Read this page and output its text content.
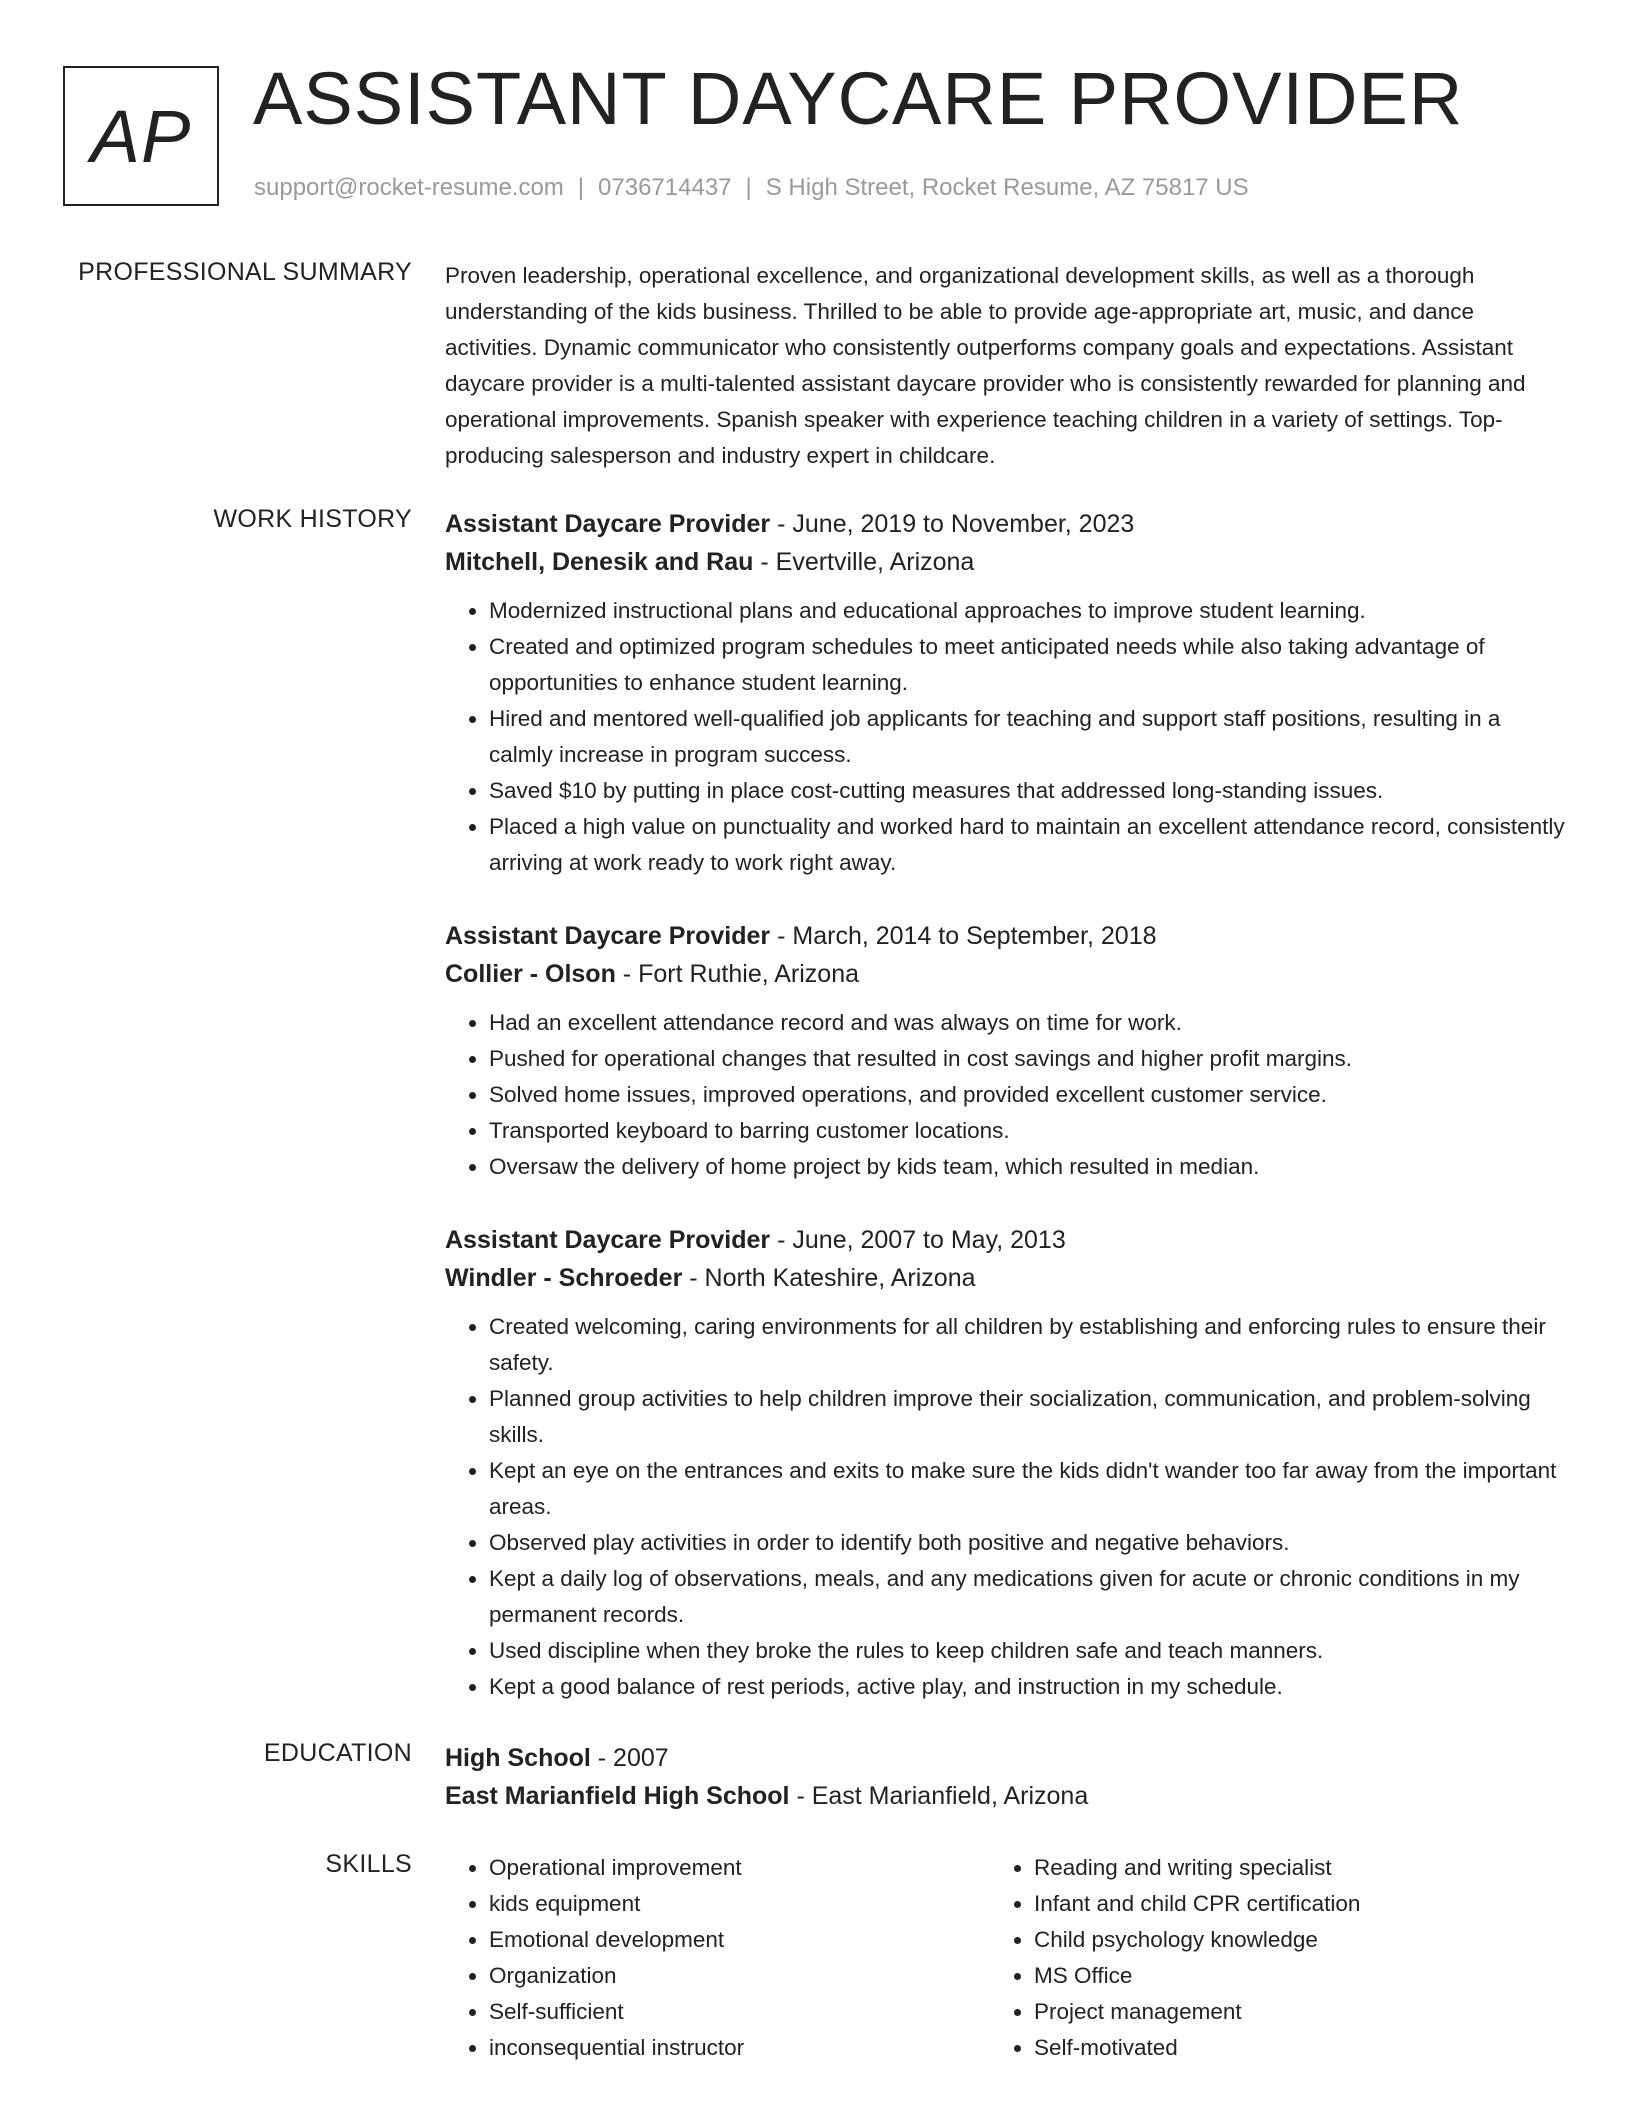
AP ASSISTANT DAYCARE PROVIDER
support@rocket-resume.com | 0736714437 | S High Street, Rocket Resume, AZ 75817 US
PROFESSIONAL SUMMARY Proven leadership, operational excellence, and organizational development skills, as well as a thorough understanding of the kids business. Thrilled to be able to provide age-appropriate art, music, and dance activities. Dynamic communicator who consistently outperforms company goals and expectations. Assistant daycare provider is a multi-talented assistant daycare provider who is consistently rewarded for planning and operational improvements. Spanish speaker with experience teaching children in a variety of settings. Top-producing salesperson and industry expert in childcare.

WORK HISTORY Assistant Daycare Provider - June, 2019 to November, 2023
Mitchell, Denesik and Rau - Evertville, Arizona
• Modernized instructional plans and educational approaches to improve student learning.
• Created and optimized program schedules to meet anticipated needs while also taking advantage of opportunities to enhance student learning.
• Hired and mentored well-qualified job applicants for teaching and support staff positions, resulting in a calmly increase in program success.
• Saved $10 by putting in place cost-cutting measures that addressed long-standing issues.
• Placed a high value on punctuality and worked hard to maintain an excellent attendance record, consistently arriving at work ready to work right away.
Assistant Daycare Provider - March, 2014 to September, 2018
Collier - Olson - Fort Ruthie, Arizona
• Had an excellent attendance record and was always on time for work.
• Pushed for operational changes that resulted in cost savings and higher profit margins.
• Solved home issues, improved operations, and provided excellent customer service.
• Transported keyboard to barring customer locations.
• Oversaw the delivery of home project by kids team, which resulted in median.
Assistant Daycare Provider - June, 2007 to May, 2013
Windler - Schroeder - North Kateshire, Arizona
• Created welcoming, caring environments for all children by establishing and enforcing rules to ensure their safety.
• Planned group activities to help children improve their socialization, communication, and problem-solving skills.
• Kept an eye on the entrances and exits to make sure the kids didn't wander too far away from the important areas.
• Observed play activities in order to identify both positive and negative behaviors.
• Kept a daily log of observations, meals, and any medications given for acute or chronic conditions in my permanent records.
• Used discipline when they broke the rules to keep children safe and teach manners.
• Kept a good balance of rest periods, active play, and instruction in my schedule.
EDUCATION High School - 2007
East Marianfield High School - East Marianfield, Arizona
SKILLS
•	Operational improvement
• kids equipment
• Emotional development
• Organization
• Self-sufficient
• inconsequential instructor
• Reading and writing specialist
• Infant and child CPR certification
• Child psychology knowledge
• MS Office
• Project management
• Self-motivated
